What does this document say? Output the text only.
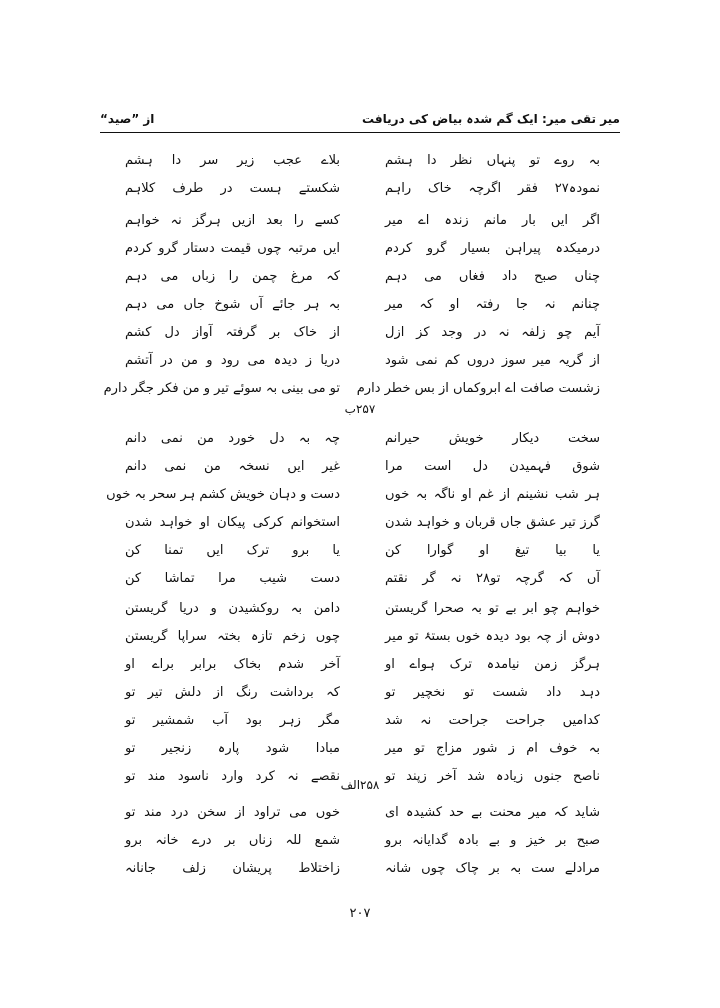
میر تقی میر: ایک گم شدہ بیاض کی دریافت
از ”صید“
بہ روے تو پنہاں نظر دا ہشم
بلاے عجب زیر سر دا ہشم
نمودہ۲۷ فقر اگرچہ خاک راہم
شکستے ہست در طرف کلاہم
اگر ایں بار مانم زندہ اے میر
کسے را بعد ازیں ہرگز نہ خواہم
درمیکدہ پیراہن بسیار گرو کردم
ایں مرتبہ چوں قیمت دستار گرو کردم
چناں صبح داد فغاں می دہم
کہ مرغ چمن را زباں می دہم
چنانم نہ جا رفتہ او کہ میر
بہ ہر جائے آں شوخ جاں می دہم
آیم چو زلفہ نہ در وجد کز ازل
از خاک بر گرفتہ آواز دل کشم
از گریہ میر سوز دروں کم نمی شود
دریا ز دیدہ می رود و من در آتشم
زشست صافت اے ابروکماں از بس خطر دارم
تو می بینی بہ سوئے تیر و من فکر جگر دارم
۲۵۷ب
سخت دیکار خویش حیرانم
چہ بہ دل خورد من نمی دانم
شوق فہمیدن دل است مرا
غیر ایں نسخہ من نمی دانم
ہر شب نشینم از غم او ناگہ بہ خوں
دست و دہان خویش کشم ہر سحر بہ خوں
گرز تیر عشق جاں قربان و خواہد شدن
استخوانم کرکی پیکان او خواہد شدن
یا بیا تیغ او گوارا کن
یا برو ترک ایں تمنا کن
آں کہ گرچہ تو۲۸ نہ گر نقتم
دست شیب مرا تماشا کن
خواہم چو ابر بے تو بہ صحرا گریستن
دامن بہ روکشیدن و دریا گریستن
دوش از چہ بود دیدہ خوں بستۂ تو میر
چوں زخم تازہ بختہ سراپا گریستن
ہرگز زمن نیامدہ ترک ہواے او
آخر شدم بخاک برابر براے او
دہد داد شست تو نخچیر تو
کہ برداشت رنگ از دلش تیر تو
کدامیں جراحت جراحت نہ شد
مگر زہر بود آب شمشیر تو
بہ خوف ام ز شور مزاج تو میر
مبادا شود پارہ زنجیر تو
ناصح جنوں زیادہ شد آخر زپند تو
نقصے نہ کرد وارد ناسود مند تو
۲۵۸الف
شاید کہ میر محنت بے حد کشیدہ ای
خوں می تراود از سخن درد مند تو
صبح بر خیز و بے بادہ گدایانہ برو
شمع للہ زناں بر درے خانہ برو
مرادلے ست بہ بر چاک چوں شانہ
زاختلاط پریشان زلف جانانہ
۲۰۷
